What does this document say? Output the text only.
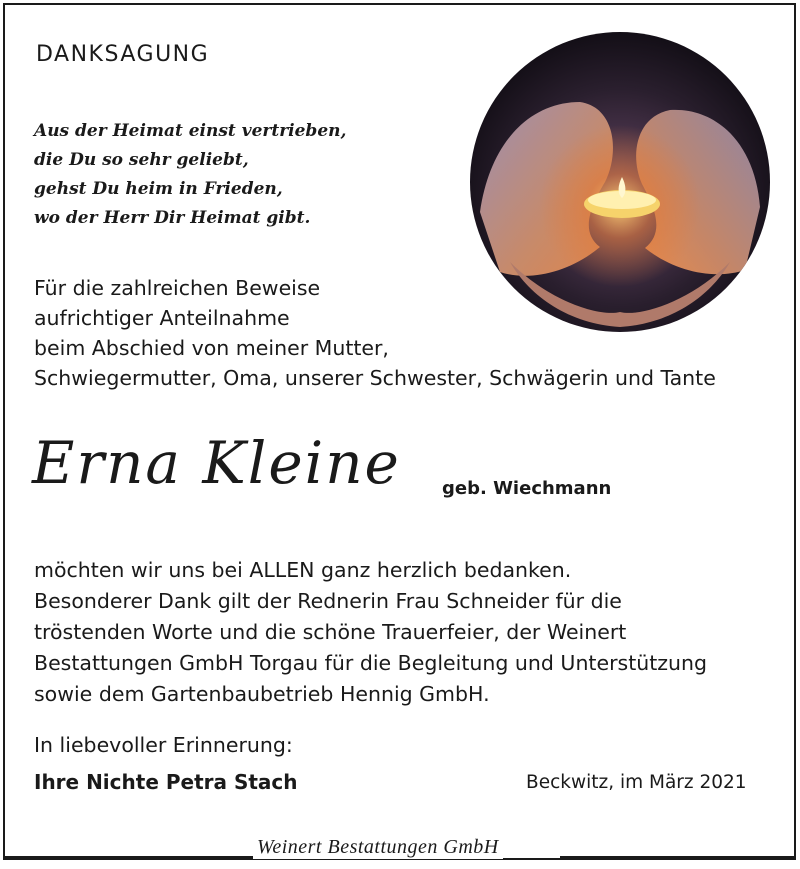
DANKSAGUNG
Aus der Heimat einst vertrieben,
die Du so sehr geliebt,
gehst Du heim in Frieden,
wo der Herr Dir Heimat gibt.
Für die zahlreichen Beweise
aufrichtiger Anteilnahme
beim Abschied von meiner Mutter,
Schwiegermutter, Oma, unserer Schwester, Schwägerin und Tante
Erna Kleine geb. Wiechmann
möchten wir uns bei ALLEN ganz herzlich bedanken.
Besonderer Dank gilt der Rednerin Frau Schneider für die
tröstenden Worte und die schöne Trauerfeier, der Weinert
Bestattungen GmbH Torgau für die Begleitung und Unterstützung
sowie dem Gartenbaubetrieb Hennig GmbH.
In liebevoller Erinnerung:
Ihre Nichte Petra Stach	Beckwitz, im März 2021
Weinert Bestattungen GmbH
